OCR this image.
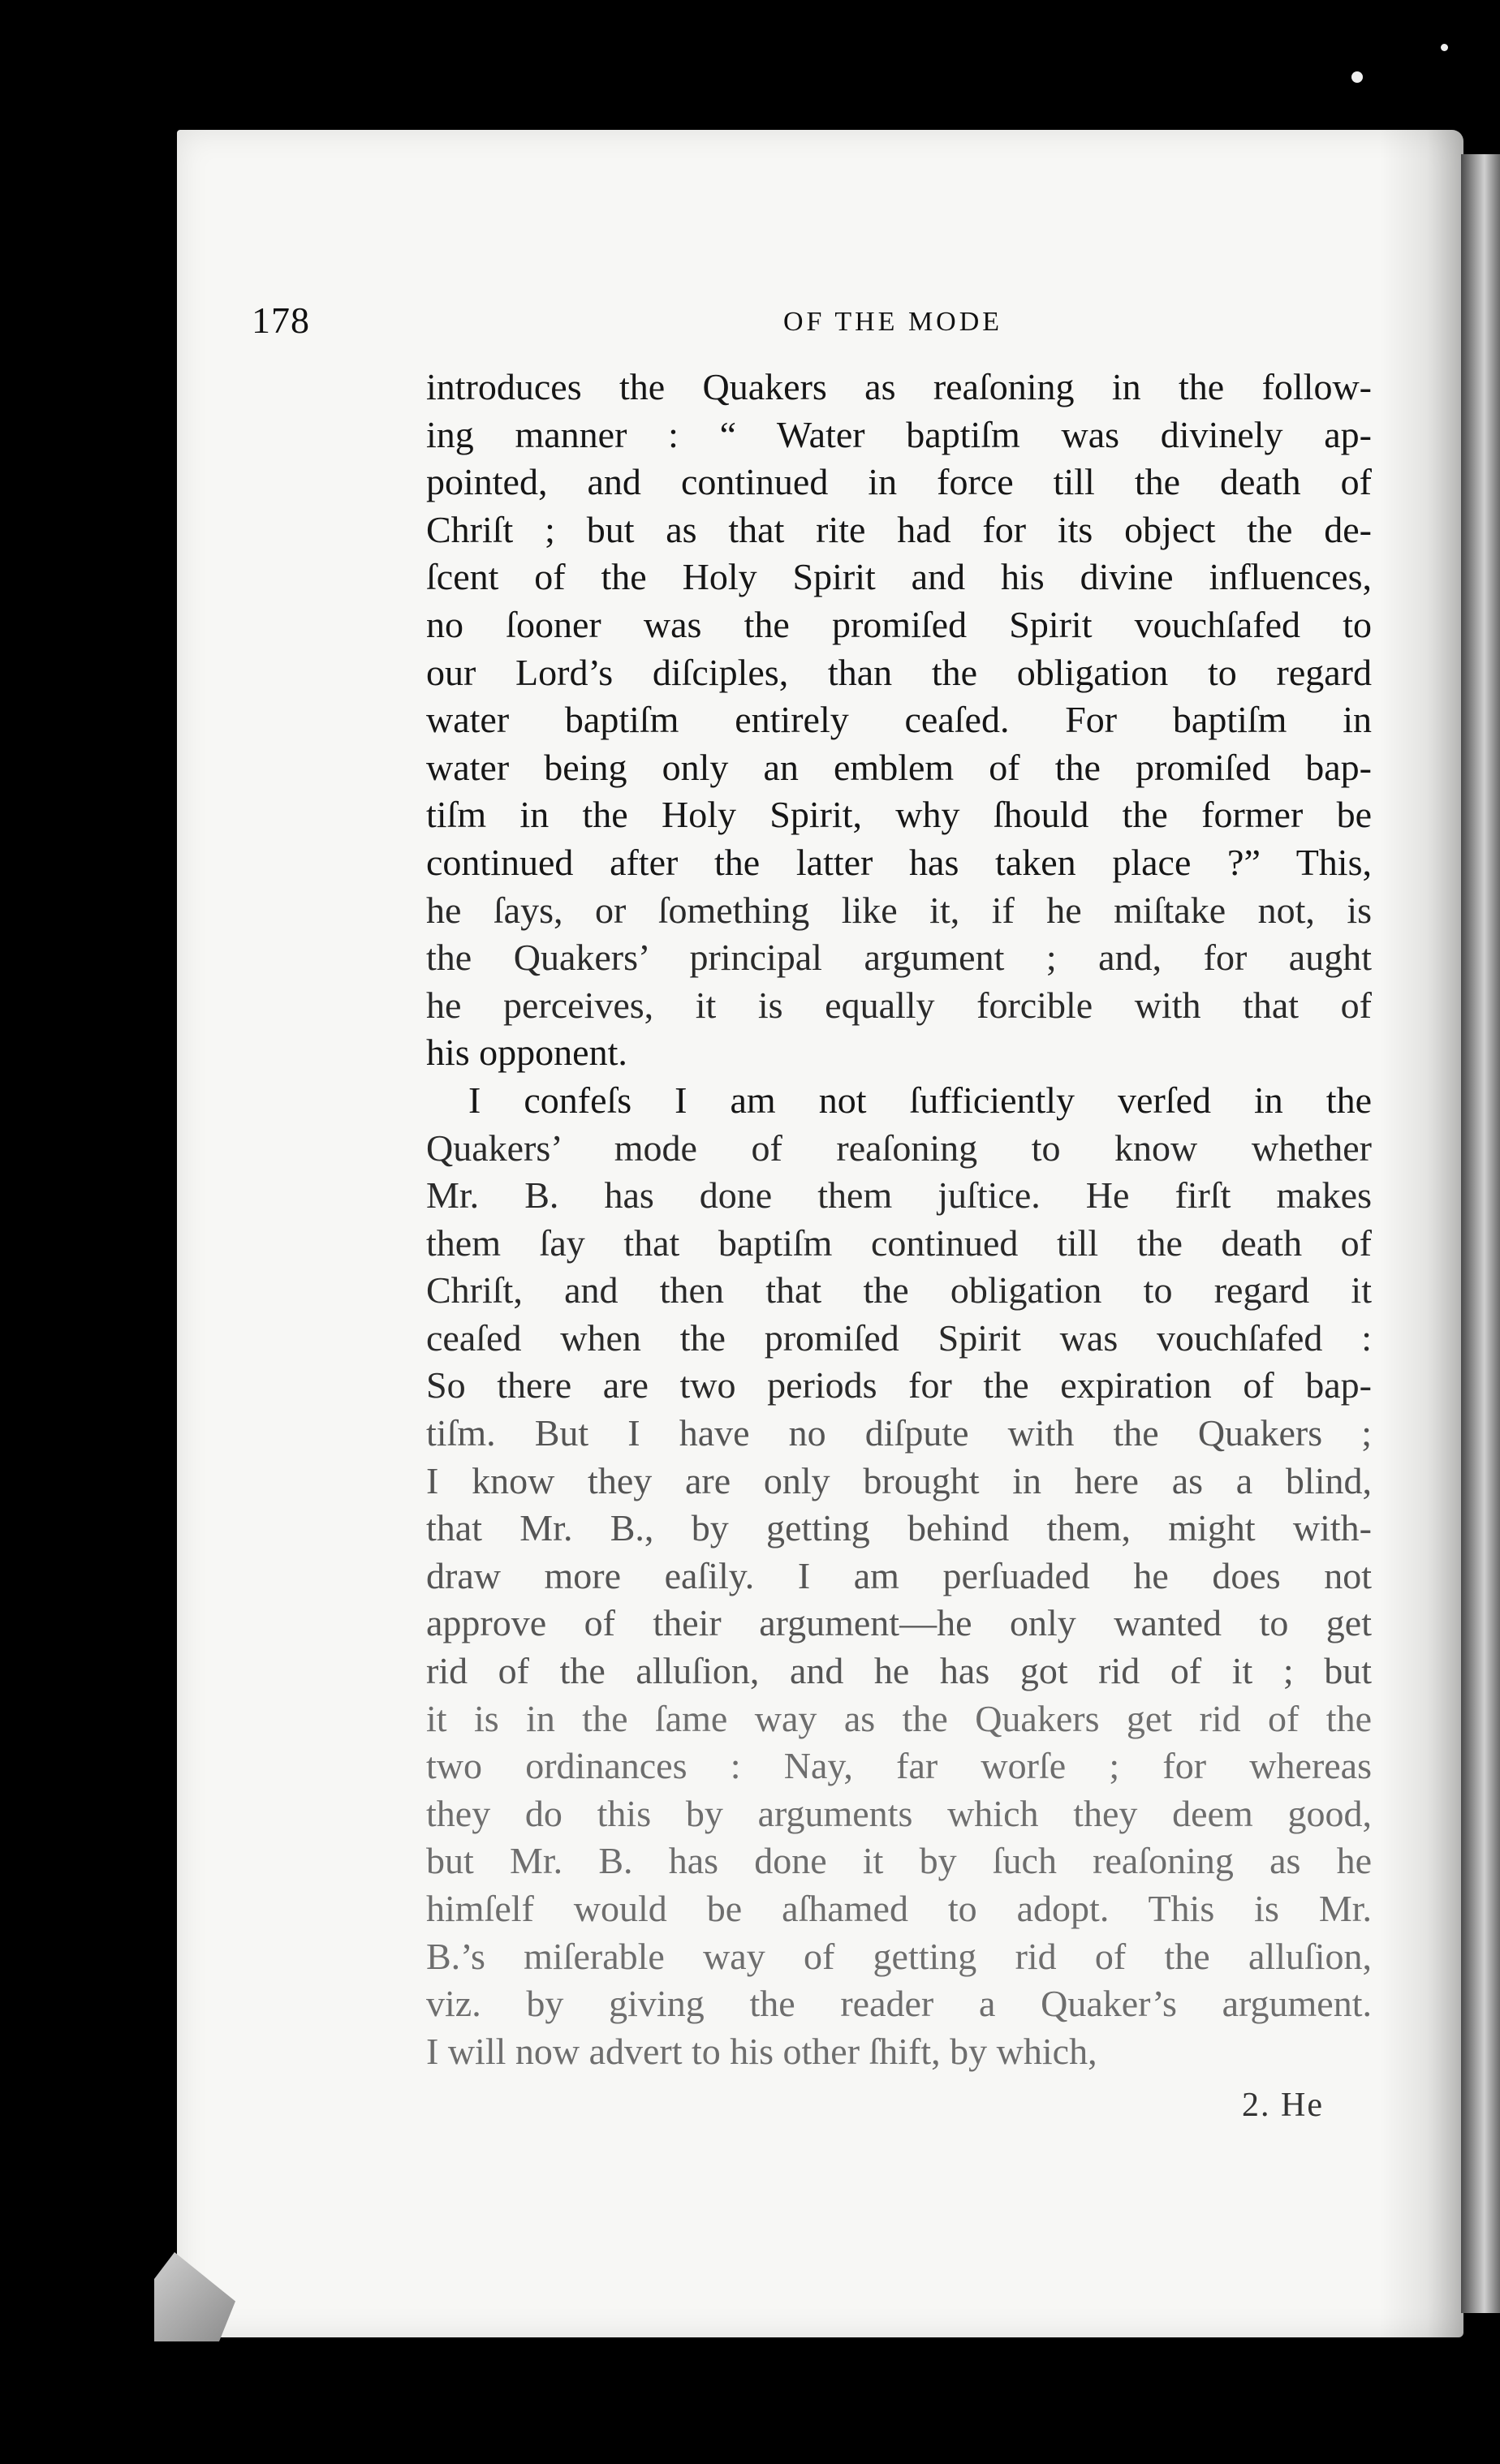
178	OF THE MODE
introduces the Quakers as reaſoning in the follow-
ing manner : “ Water baptiſm was divinely ap-
pointed, and continued in force till the death of
Chriſt ; but as that rite had for its object the de-
ſcent of the Holy Spirit and his divine influences,
no ſooner was the promiſed Spirit vouchſafed to
our Lord’s diſciples, than the obligation to regard
water baptiſm entirely ceaſed. For baptiſm in
water being only an emblem of the promiſed bap-
tiſm in the Holy Spirit, why ſhould the former be
continued after the latter has taken place ?” This,
he ſays, or ſomething like it, if he miſtake not, is
the Quakers’ principal argument ; and, for aught
he perceives, it is equally forcible with that of
his opponent.
I confeſs I am not ſufficiently verſed in the
Quakers’ mode of reaſoning to know whether
Mr. B. has done them juſtice. He firſt makes
them ſay that baptiſm continued till the death of
Chriſt, and then that the obligation to regard it
ceaſed when the promiſed Spirit was vouchſafed :
So there are two periods for the expiration of bap-
tiſm. But I have no diſpute with the Quakers ;
I know they are only brought in here as a blind,
that Mr. B., by getting behind them, might with-
draw more eaſily. I am perſuaded he does not
approve of their argument—he only wanted to get
rid of the alluſion, and he has got rid of it ; but
it is in the ſame way as the Quakers get rid of the
two ordinances : Nay, far worſe ; for whereas
they do this by arguments which they deem good,
but Mr. B. has done it by ſuch reaſoning as he
himſelf would be aſhamed to adopt. This is Mr.
B.’s miſerable way of getting rid of the alluſion,
viz. by giving the reader a Quaker’s argument.
I will now advert to his other ſhift, by which,
2. He
